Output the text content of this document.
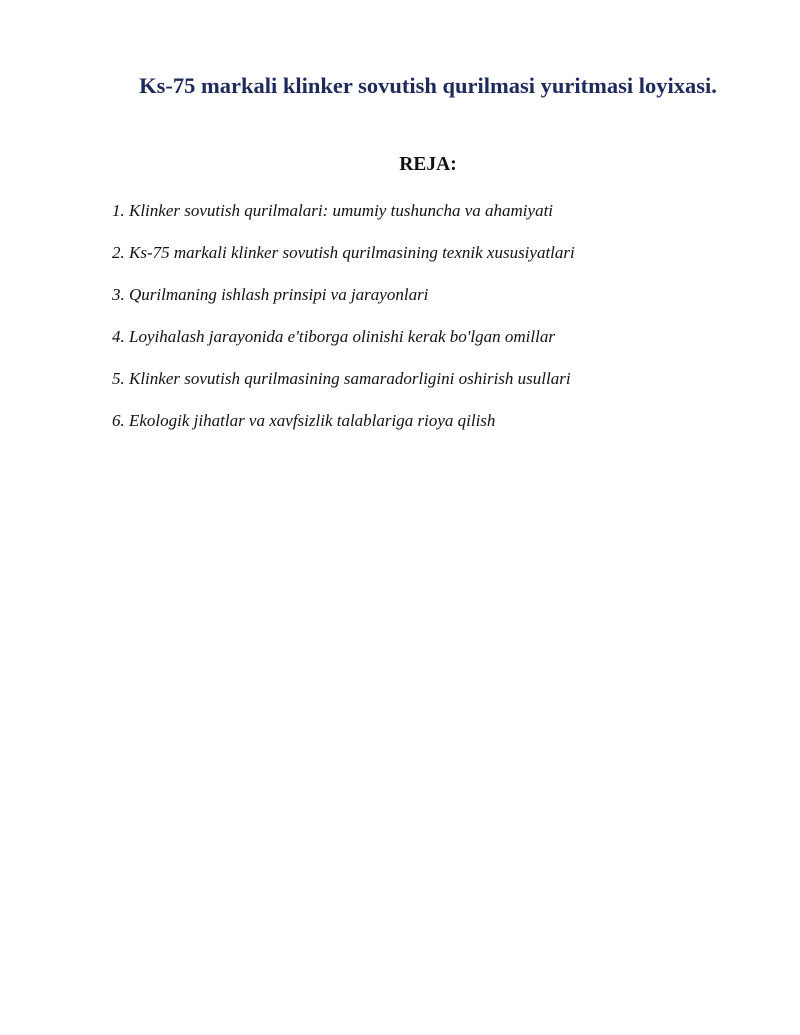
Ks-75 markali klinker sovutish qurilmasi yuritmasi loyixasi.
REJA:
1. Klinker sovutish qurilmalari: umumiy tushuncha va ahamiyati
2. Ks-75 markali klinker sovutish qurilmasining texnik xususiyatlari
3. Qurilmaning ishlash prinsipi va jarayonlari
4. Loyihalash jarayonida e'tiborga olinishi kerak bo'lgan omillar
5. Klinker sovutish qurilmasining samaradorligini oshirish usullari
6. Ekologik jihatlar va xavfsizlik talablariga rioya qilish
